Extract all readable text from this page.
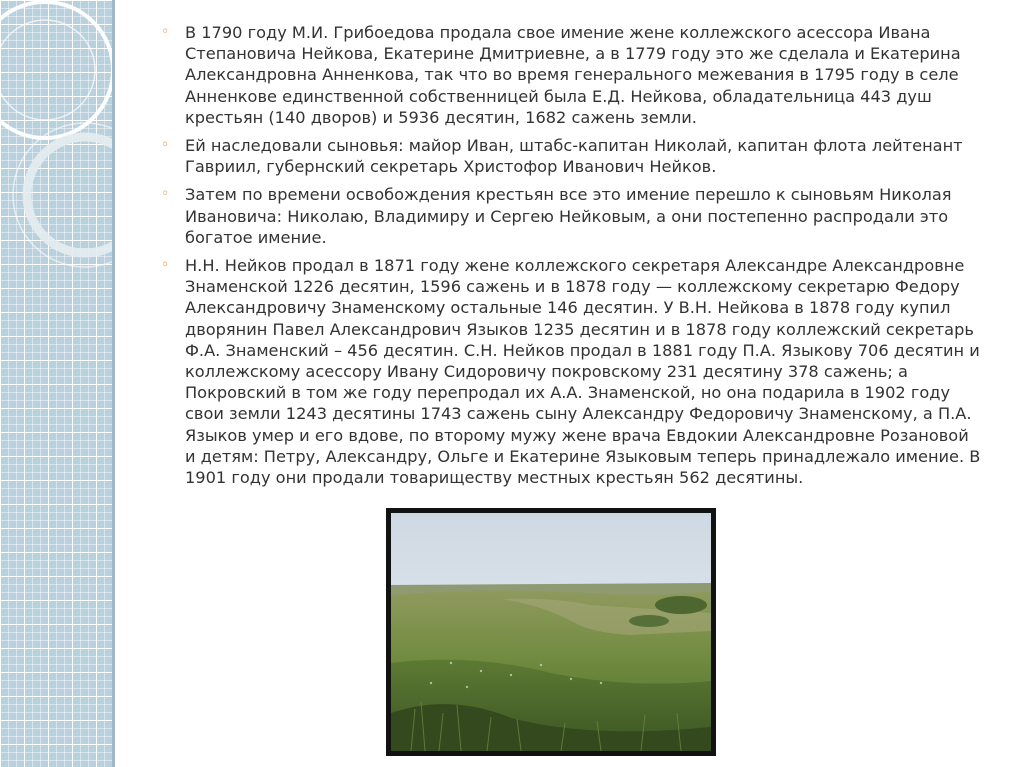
◦ В 1790 году М.И. Грибоедова продала свое имение жене коллежского асессора Ивана Степановича Нейкова, Екатерине Дмитриевне, а в 1779 году это же сделала и Екатерина Александровна Анненкова, так что во время генерального межевания в 1795 году в селе Анненкове единственной собственницей была Е.Д. Нейкова, обладательница 443 душ крестьян (140 дворов) и 5936 десятин, 1682 сажень земли.
◦ Ей наследовали сыновья: майор Иван, штабс-капитан Николай, капитан флота лейтенант Гавриил, губернский секретарь Христофор Иванович Нейков.
◦ Затем по времени освобождения крестьян все это имение перешло к сыновьям Николая Ивановича: Николаю, Владимиру и Сергею Нейковым, а они постепенно распродали это богатое имение.
◦ Н.Н. Нейков продал в 1871 году жене коллежского секретаря Александре Александровне Знаменской 1226 десятин, 1596 сажень и в 1878 году — коллежскому секретарю Федору Александровичу Знаменскому остальные 146 десятин. У В.Н. Нейкова в 1878 году купил дворянин Павел Александрович Языков 1235 десятин и в 1878 году коллежский секретарь Ф.А. Знаменский – 456 десятин. С.Н. Нейков продал в 1881 году П.А. Языкову 706 десятин и коллежскому асессору Ивану Сидоровичу покровскому 231 десятину 378 сажень; а Покровский в том же году перепродал их А.А. Знаменской, но она подарила в 1902 году свои земли 1243 десятины 1743 сажень сыну Александру Федоровичу Знаменскому, а П.А. Языков умер и его вдове, по второму мужу жене врача Евдокии Александровне Розановой и детям: Петру, Александру, Ольге и Екатерине Языковым теперь принадлежало имение. В 1901 году они продали товариществу местных крестьян 562 десятины.
